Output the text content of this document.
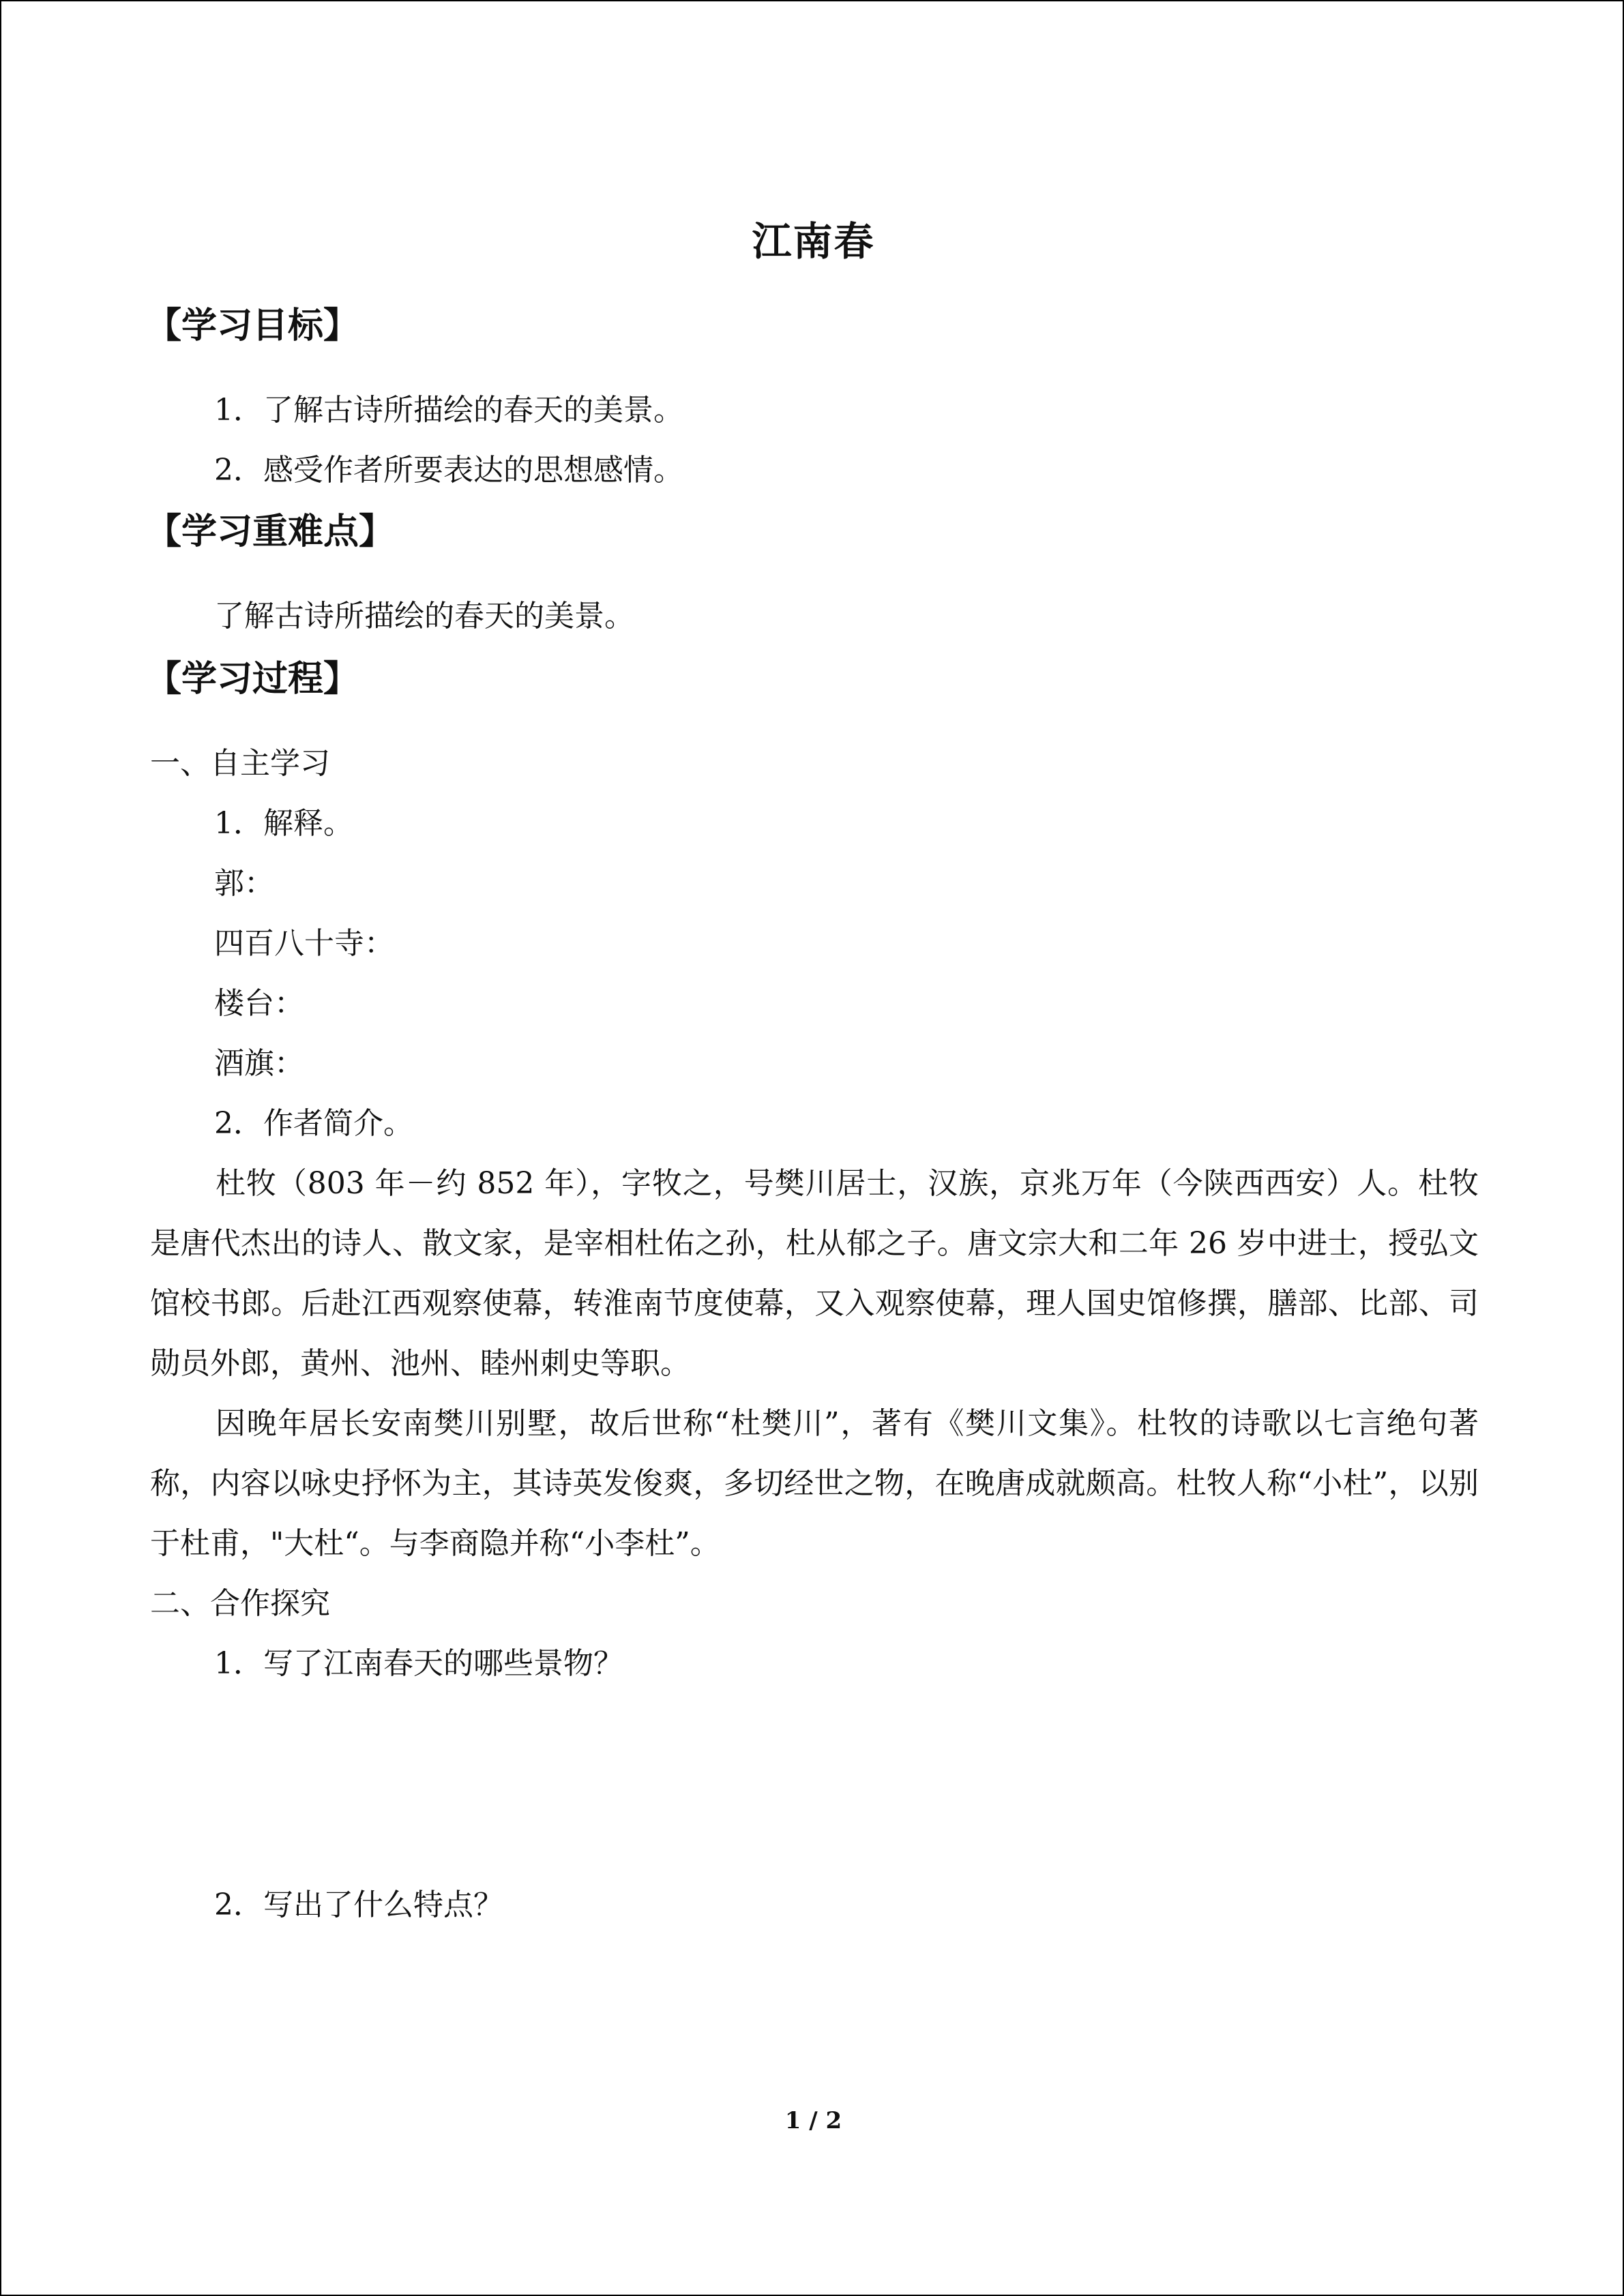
江南春
【学习目标】
1．了解古诗所描绘的春天的美景。
2．感受作者所要表达的思想感情。
【学习重难点】
了解古诗所描绘的春天的美景。
【学习过程】
一、自主学习
1．解释。
郭：
四百八十寺：
楼台：
酒旗：
2．作者简介。
杜牧（803 年－约 852 年），字牧之，号樊川居士，汉族，京兆万年（今陕西西安）人。杜牧是唐代杰出的诗人、散文家，是宰相杜佑之孙，杜从郁之子。唐文宗大和二年 26 岁中进士，授弘文馆校书郎。后赴江西观察使幕，转淮南节度使幕，又入观察使幕，理人国史馆修撰，膳部、比部、司勋员外郎，黄州、池州、睦州刺史等职。
因晚年居长安南樊川别墅，故后世称“杜樊川”，著有《樊川文集》。杜牧的诗歌以七言绝句著称，内容以咏史抒怀为主，其诗英发俊爽，多切经世之物，在晚唐成就颇高。杜牧人称“小杜”，以别于杜甫，"大杜“。与李商隐并称“小李杜”。
二、合作探究
1．写了江南春天的哪些景物？
2．写出了什么特点？
1 / 2
